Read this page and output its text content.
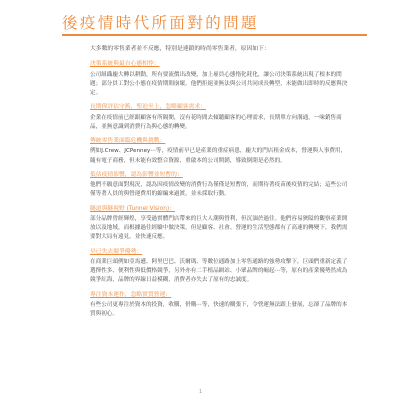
後疫情時代所面對的問題

大多數的零售業者並不反應，特別是連鎖的時尚零售業者，原因如下：

決策系統與最自心態相悖：

公司組織龐大轉以耕動，所有要流價出改變，加上雇員心態惰化耗化，讓公司決策系統出現了根本的問題；部分員工對公小態在疫情期間崩壞，他們拒絕並無法與公司共同成長轉型，未能做出即時的反應與決定。

長期偉評估守舊，聖迫至上，忽略顧客需求：

企業在疫情前已經跟顧客有所隔閡，沒有花時間去傾聽顧客的心理需求，長期單方向溝通，一味銷售商品，並無意識到消費行為與心態的轉變。

傳統零售業面臨危機與挑戰：

例如J.Crew、JCPenney⋯等，疫情前早已是產業的重症病患，龐大的門店租金成本，營運與人事費用，隨有電子商務，但未能有效整合資源，重啟本的公司開銷，導致倒閉是必然的。

低估疫情影響，認為影響並短暫的：

他們不願意面對現況，認為因疫情改變的消費行為僅僅是短暫的，而期待著疫苗後疫情的完結；這些公司僅等著人員的與營運費用的縮編來過渡，並未採取行動。

隧道與隧視野 (Tunnel Vision)：

部分品牌曾經輝煌，享受過實體門店帶來的巨大人潮與營利，但沉湎於過往。他們容易狹隘的觀察產業開放以及地域，而根據過往經驗中做決策，但是顧客、社會、營運的生活型態都有了高速的轉變下，我們需要對大局有遠見，並快速反應。

早已失去競爭優勢：

在商業巨頭例如亞馬遜、阿里巴巴、沃爾瑪、等數位通路加上零售通路的強勢攻擊下，巨頭們重新定義了選擇性多、便利性與低價格競爭，另外亦有二手植品網站、小眾品牌的崛起⋯等，原有的產業優勢然成為競爭紅海，品牌的界線日益模糊，消費者亦失去了原有的忠誠度。

專注資本運作，忽略實質營運：

有些公司更專注於資本的投資，收購，併購⋯等，快速的購張下，令營運無法跟上發展，忘卻了品牌的本質與初心。

1
